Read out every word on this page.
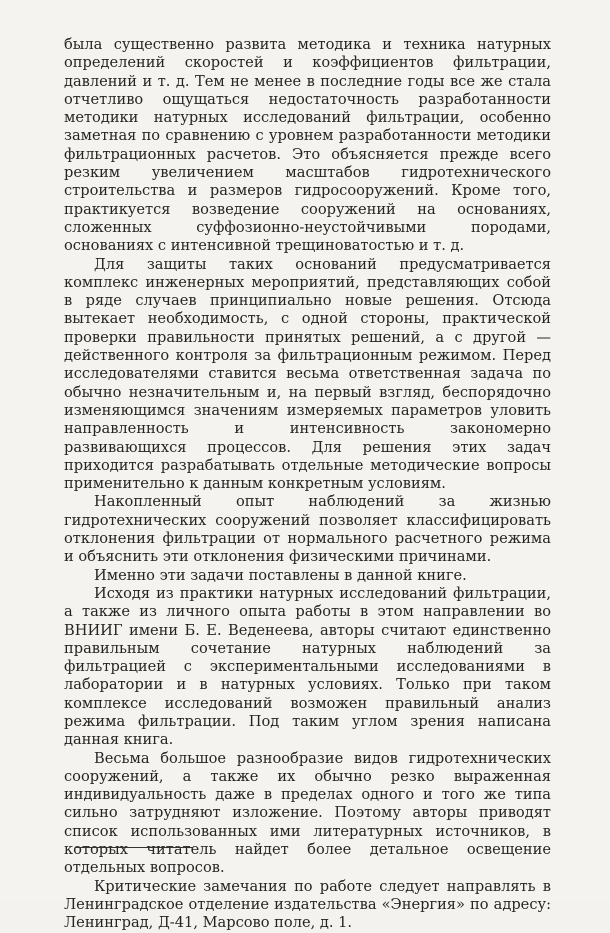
была существенно развита методика и техника натурных определений скоростей и коэффициентов фильтрации, давлений и т. д. Тем не менее в последние годы все же стала отчетливо ощущаться недостаточность разработанности методики натурных исследований фильтрации, особенно заметная по сравнению с уровнем разработанности методики фильтрационных расчетов. Это объясняется прежде всего резким увеличением масштабов гидротехнического строительства и размеров гидросооружений. Кроме того, практикуется возведение сооружений на основаниях, сложенных суффозионно-неустойчивыми породами, основаниях с интенсивной трещиноватостью и т. д.

Для защиты таких оснований предусматривается комплекс инженерных мероприятий, представляющих собой в ряде случаев принципиально новые решения. Отсюда вытекает необходимость, с одной стороны, практической проверки правильности принятых решений, а с другой — действенного контроля за фильтрационным режимом. Перед исследователями ставится весьма ответственная задача по обычно незначительным и, на первый взгляд, беспорядочно изменяющимся значениям измеряемых параметров уловить направленность и интенсивность закономерно развивающихся процессов. Для решения этих задач приходится разрабатывать отдельные методические вопросы применительно к данным конкретным условиям.

Накопленный опыт наблюдений за жизнью гидротехнических сооружений позволяет классифицировать отклонения фильтрации от нормального расчетного режима и объяснить эти отклонения физическими причинами.

Именно эти задачи поставлены в данной книге.

Исходя из практики натурных исследований фильтрации, а также из личного опыта работы в этом направлении во ВНИИГ имени Б. Е. Веденеева, авторы считают единственно правильным сочетание натурных наблюдений за фильтрацией с экспериментальными исследованиями в лаборатории и в натурных условиях. Только при таком комплексе исследований возможен правильный анализ режима фильтрации. Под таким углом зрения написана данная книга.

Весьма большое разнообразие видов гидротехнических сооружений, а также их обычно резко выраженная индивидуальность даже в пределах одного и того же типа сильно затрудняют изложение. Поэтому авторы приводят список использованных ими литературных источников, в которых читатель найдет более детальное освещение отдельных вопросов.

Критические замечания по работе следует направлять в Ленинградское отделение издательства «Энергия» по адресу: Ленинград, Д-41, Марсово поле, д. 1.
